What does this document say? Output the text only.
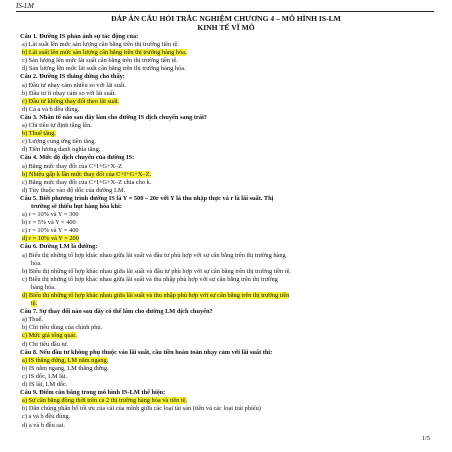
IS-LM
ĐÁP ÁN CÂU HỎI TRẮC NGHIỆM CHƯƠNG 4 – MÔ HÌNH IS-LM
KINH TẾ VĨ MÔ
Câu 1. Đường IS phản ánh sự tác động của:
a) Lãi suất lên mức sản lượng cân bằng trên thị trường tiền tệ.
b) Lãi suất lên mức sản lượng cân bằng trên thị trường hàng hóa.
c) Sản lượng lên mức lãi suất cân bằng trên thị trường tiền tệ.
d) Sản lượng lên mức lãi suất cân bằng trên thị trường hàng hóa.
Câu 2. Đường IS thẳng đứng cho thấy:
a) Đầu tư nhạy cảm nhiều so với lãi suất.
b) Đầu tư ít nhạy cảm so với lãi suất.
c) Đầu tư không thay đổi theo lãi suất.
d) Cả a và b đều đúng.
Câu 3. Nhân tố nào sau đây làm cho đường IS dịch chuyển sang trái?
a) Chi tiêu tự định tăng lên.
b) Thuế tăng.
c) Lượng cung ứng tiền tăng.
d) Tiền lương danh nghĩa tăng.
Câu 4. Mức độ dịch chuyển của đường IS:
a) Bằng mức thay đổi của C+I+G+X–Z
b) Nhiều gấp k lần mức thay đổi của C+I+G+X–Z.
c) Bằng mức thay đổi của C+I+G+X–Z chia cho k.
d) Tùy thuộc vào độ dốc của đường LM.
Câu 5. Biết phương trình đường IS là Y = 500 – 20r với Y là thu nhập thực và r là lãi suất. Thị
trường sẽ thiếu hụt hàng hóa khi:
a) r = 10% và Y = 300
b) r = 5% và Y = 400
c) r = 10% và Y = 400
d) r = 10% và Y = 200
Câu 6. Đường LM là đường:
a) Biểu thị những tổ hợp khác nhau giữa lãi suất và đầu tư phù hợp với sự cân bằng trên thị trường hàng
hóa.
b) Biểu thị những tổ hợp khác nhau giữa lãi suất và đầu tư phù hợp với sự cân bằng trên thị trường tiền tệ.
c) Biểu thị những tổ hợp khác nhau giữa lãi suất và thu nhập phù hợp với sự cân bằng trên thị trường
hàng hóa.
d) Biểu thị những tổ hợp khác nhau giữa lãi suất và thu nhập phù hợp với sự cân bằng trên thị trường tiền
tệ.
Câu 7. Sự thay đổi nào sau đây có thể làm cho đường LM dịch chuyển?
a) Thuế.
b) Chi tiêu dùng của chính phủ.
c) Mức giá tổng quát.
d) Chi tiêu đầu tư.
Câu 8. Nếu đầu tư không phụ thuộc vào lãi suất, cầu tiền hoàn toàn nhạy cảm với lãi suất thì:
a) IS thẳng đứng, LM nằm ngang.
b) IS nằm ngang, LM thẳng đứng.
c) IS dốc, LM lài.
d) IS lài, LM dốc.
Câu 9. Điểm cân bằng trong mô hình IS-LM thể hiện:
a) Sự cân bằng đồng thời trên cả 2 thị trường hàng hóa và tiền tệ.
b) Dân chúng phân bổ tối ưu của cải của mình giữa các loại tài sản (tiền và các loại trái phiếu)
c) a và b đều đúng.
d) a và b đều sai.
1/5
